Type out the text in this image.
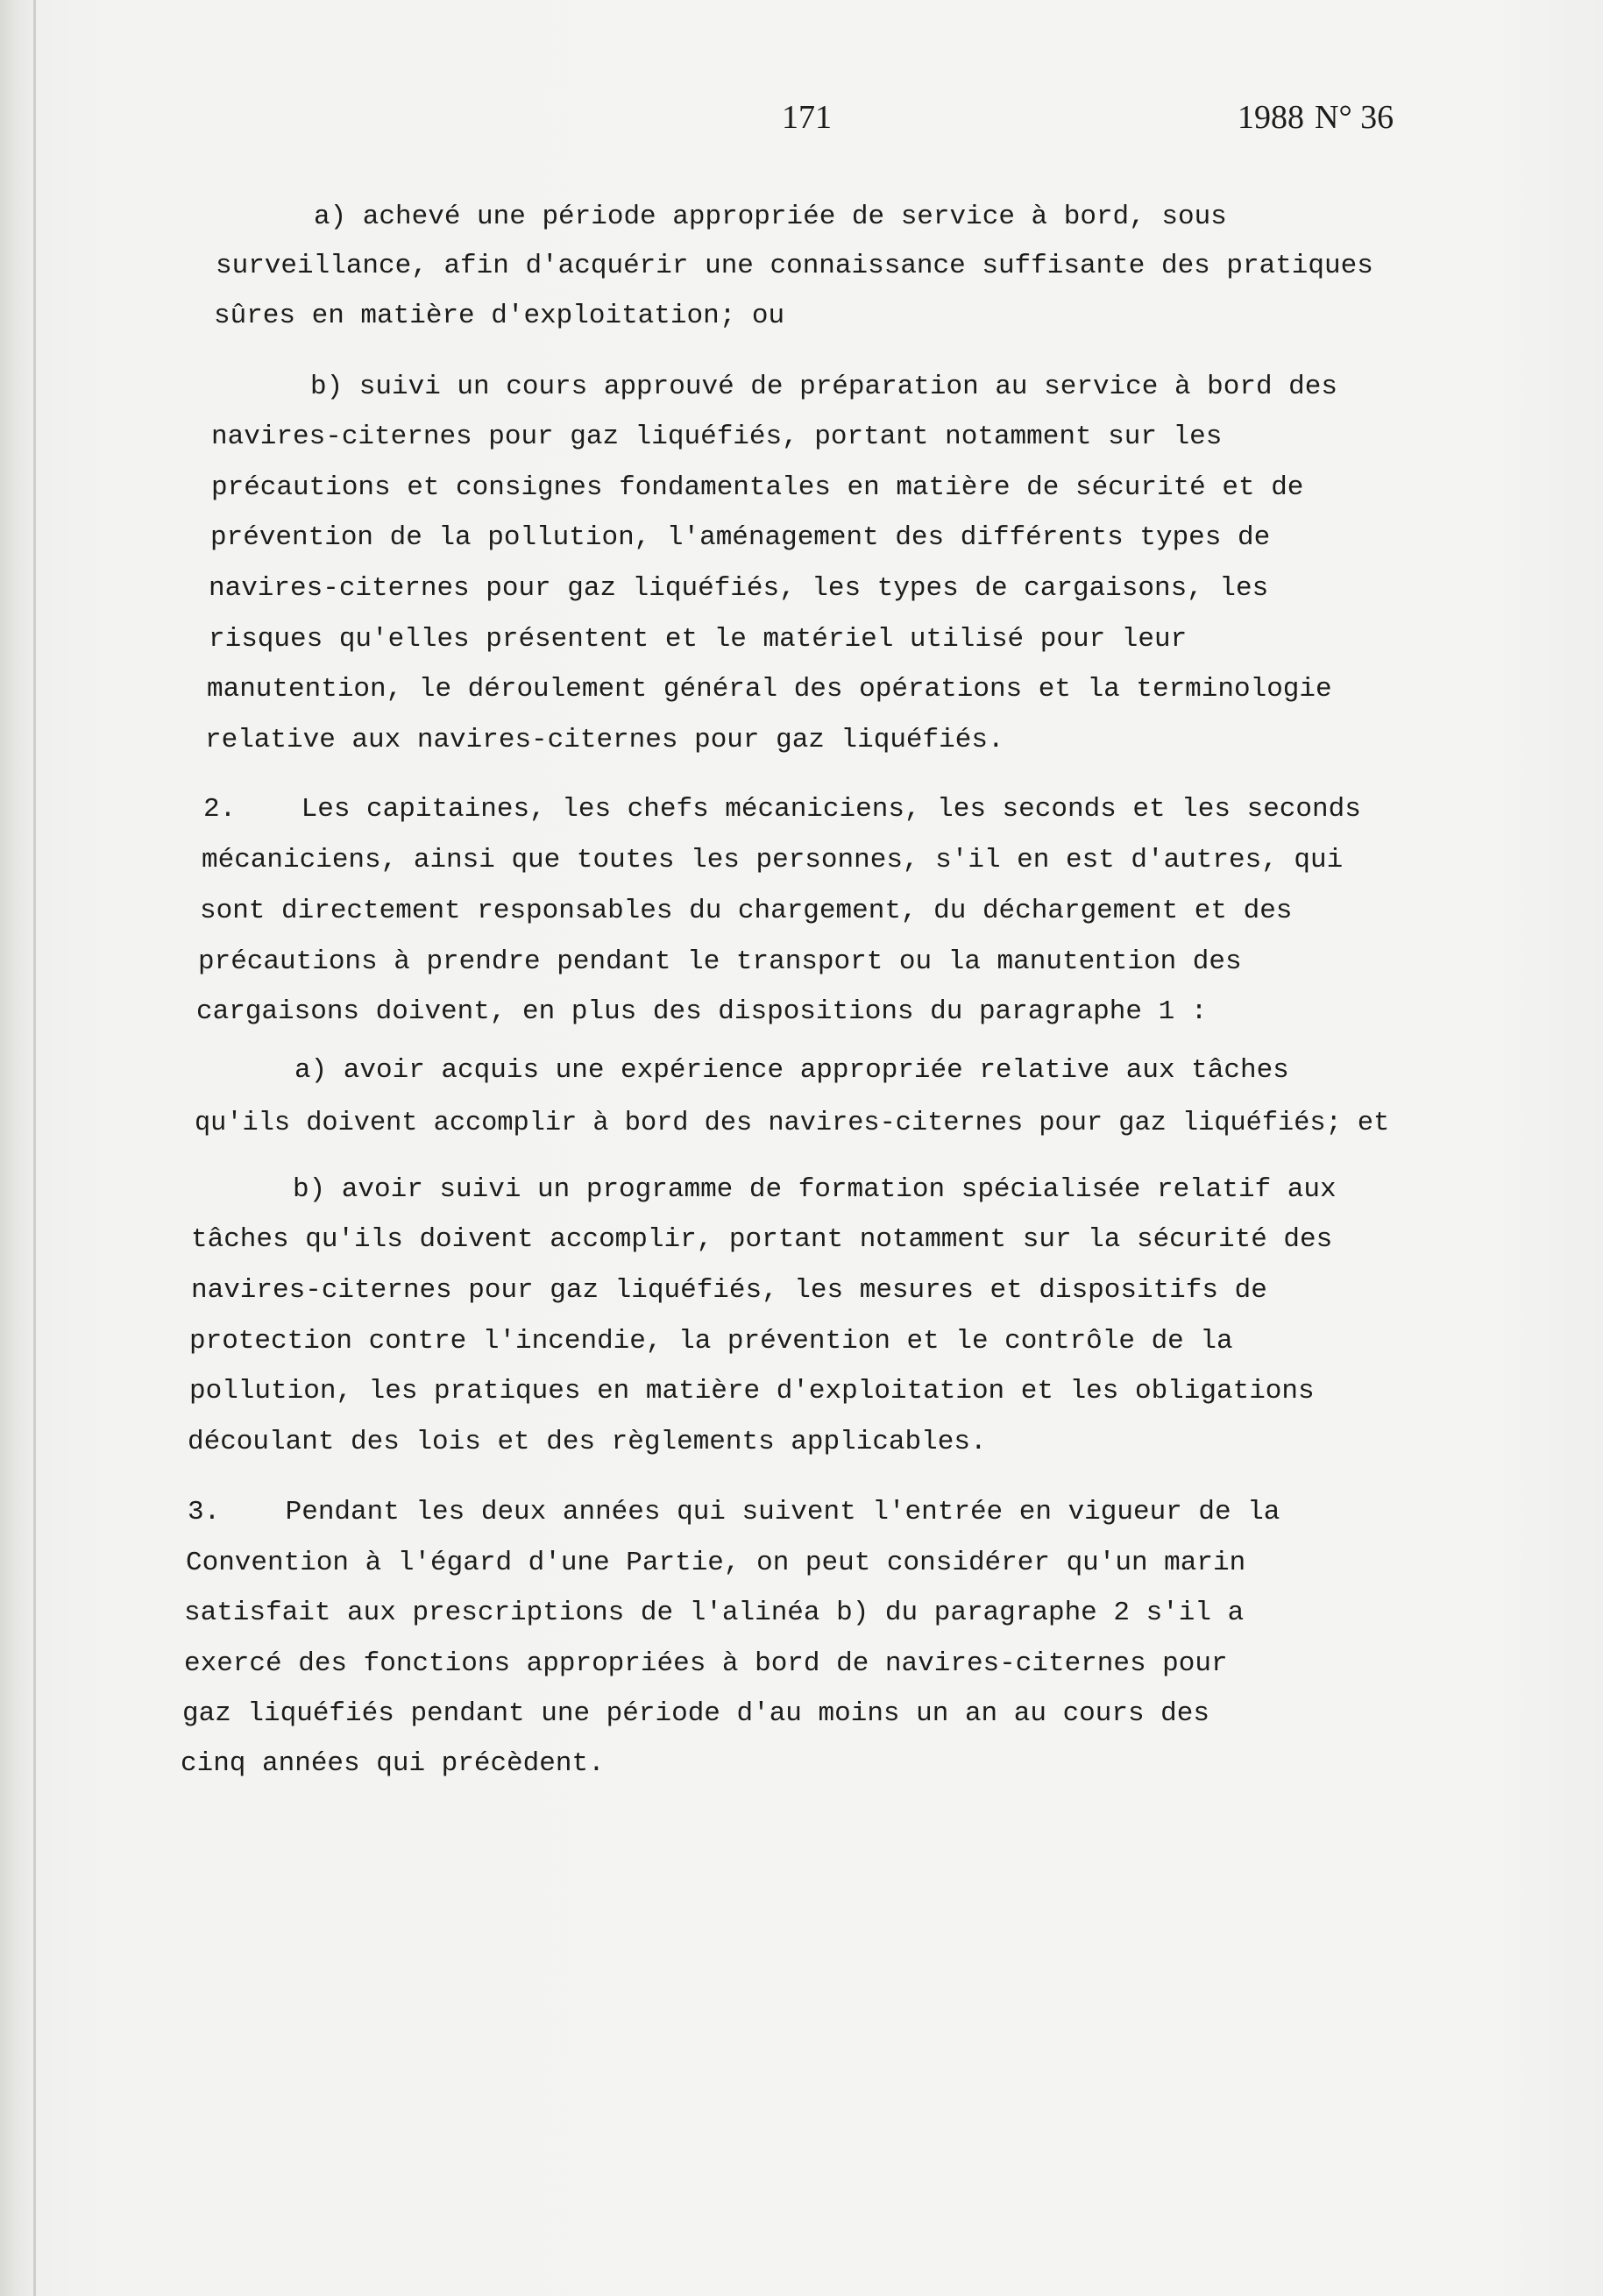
171	1988 N° 36
a) achevé une période appropriée de service à bord, sous
surveillance, afin d'acquérir une connaissance suffisante des pratiques
sûres en matière d'exploitation; ou
b) suivi un cours approuvé de préparation au service à bord des
navires-citernes pour gaz liquéfiés, portant notamment sur les
précautions et consignes fondamentales en matière de sécurité et de
prévention de la pollution, l'aménagement des différents types de
navires-citernes pour gaz liquéfiés, les types de cargaisons, les
risques qu'elles présentent et le matériel utilisé pour leur
manutention, le déroulement général des opérations et la terminologie
relative aux navires-citernes pour gaz liquéfiés.
2.    Les capitaines, les chefs mécaniciens, les seconds et les seconds
mécaniciens, ainsi que toutes les personnes, s'il en est d'autres, qui
sont directement responsables du chargement, du déchargement et des
précautions à prendre pendant le transport ou la manutention des
cargaisons doivent, en plus des dispositions du paragraphe 1 :
a) avoir acquis une expérience appropriée relative aux tâches
qu'ils doivent accomplir à bord des navires-citernes pour gaz liquéfiés; et
b) avoir suivi un programme de formation spécialisée relatif aux
tâches qu'ils doivent accomplir, portant notamment sur la sécurité des
navires-citernes pour gaz liquéfiés, les mesures et dispositifs de
protection contre l'incendie, la prévention et le contrôle de la
pollution, les pratiques en matière d'exploitation et les obligations
découlant des lois et des règlements applicables.
3.    Pendant les deux années qui suivent l'entrée en vigueur de la
Convention à l'égard d'une Partie, on peut considérer qu'un marin
satisfait aux prescriptions de l'alinéa b) du paragraphe 2 s'il a
exercé des fonctions appropriées à bord de navires-citernes pour
gaz liquéfiés pendant une période d'au moins un an au cours des
cinq années qui précèdent.
